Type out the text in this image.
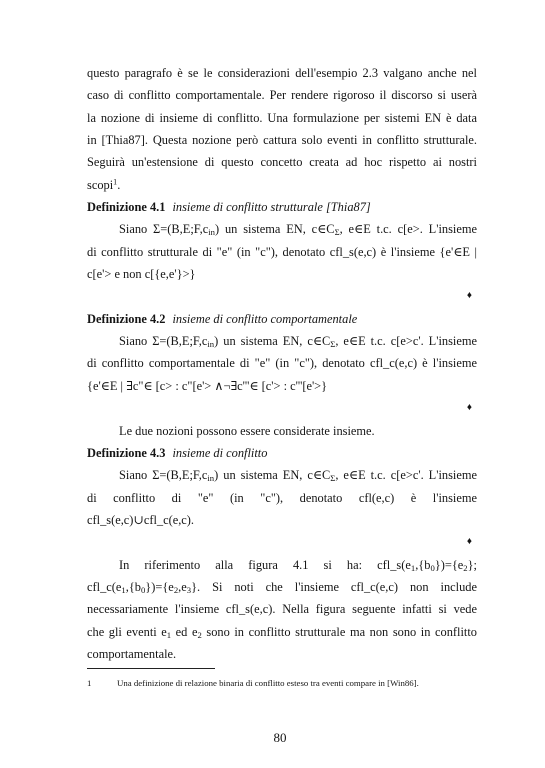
questo paragrafo è se le considerazioni dell'esempio 2.3 valgano anche nel
caso di conflitto comportamentale. Per rendere rigoroso il discorso si userà
la nozione di insieme di conflitto. Una formulazione per sistemi EN è data
in [Thia87]. Questa nozione però cattura solo eventi in conflitto strutturale.
Seguirà un'estensione di questo concetto creata ad hoc rispetto ai nostri
scopi$^1$.
Definizione 4.1 insieme di conflitto strutturale [Thia87]
Siano $\Sigma=(B,E;F,c_{in})$ un sistema EN, $c\in C_\Sigma$, e∈E t.c. c[e>. L'insieme
di conflitto strutturale di "e" (in "c"), denotato cfl_s(e,c) è l'insieme {e'∈E |
c[e'> e non c[{e,e'}>}
♦
Definizione 4.2 insieme di conflitto comportamentale
Siano $\Sigma=(B,E;F,c_{in})$ un sistema EN, $c\in C_\Sigma$, e∈E t.c. c[e>c'. L'insieme
di conflitto comportamentale di "e" (in "c"), denotato cfl_c(e,c) è l'insieme
{e'∈E | ∃c"∈ [c> : c"[e'> ∧¬∃c'''∈ [c'> : c'''[e'>}
♦
Le due nozioni possono essere considerate insieme.
Definizione 4.3 insieme di conflitto
Siano $\Sigma=(B,E;F,c_{in})$ un sistema EN, $c\in C_\Sigma$, e∈E t.c. c[e>c'. L'insieme
di conflitto di "e" (in "c"), denotato cfl(e,c) è l'insieme
cfl_s(e,c)∪cfl_c(e,c).
♦
In riferimento alla figura 4.1 si ha: $cfl\_s(e_1,\{b_0\})=\{e_2\}$;
$cfl\_c(e_1,\{b_0\})=\{e_2,e_3\}$. Si noti che l'insieme cfl_c(e,c) non include
necessariamente l'insieme cfl_s(e,c). Nella figura seguente infatti si vede
che gli eventi $e_1$ ed $e_2$ sono in conflitto strutturale ma non sono in conflitto
comportamentale.
1	Una definizione di relazione binaria di conflitto esteso tra eventi compare in [Win86].
80
